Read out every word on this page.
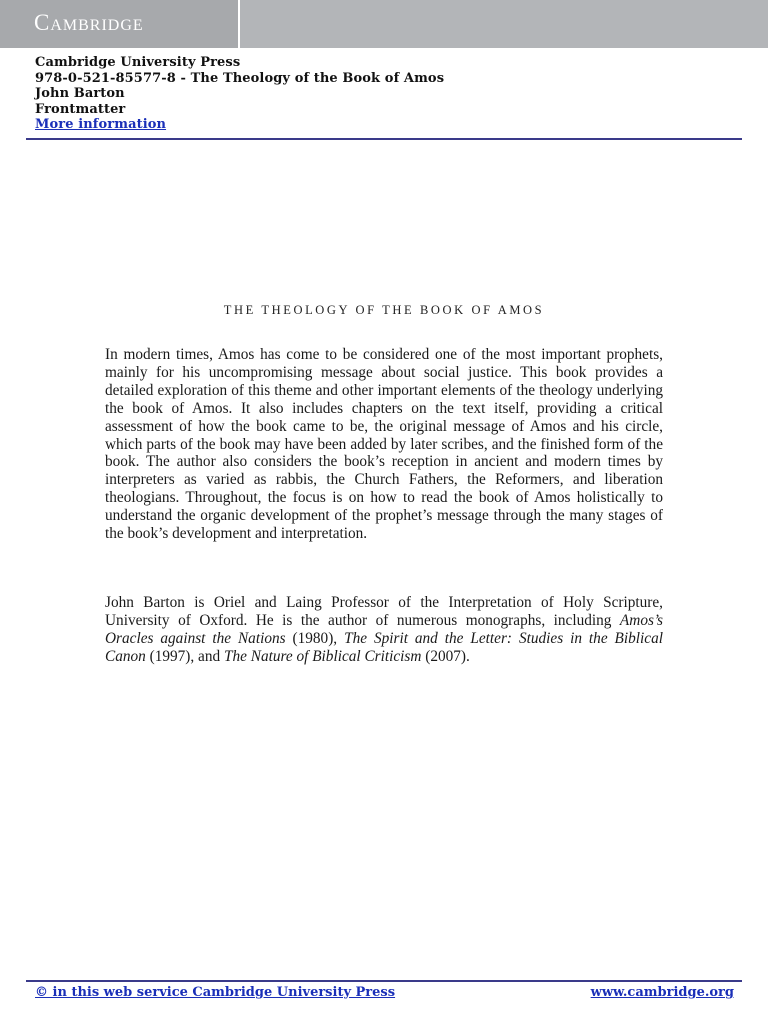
Cambridge
Cambridge University Press
978-0-521-85577-8 - The Theology of the Book of Amos
John Barton
Frontmatter
More information
THE THEOLOGY OF THE BOOK OF AMOS
In modern times, Amos has come to be considered one of the most important prophets, mainly for his uncompromising message about social justice. This book provides a detailed exploration of this theme and other important elements of the theology underlying the book of Amos. It also includes chapters on the text itself, providing a critical assessment of how the book came to be, the original message of Amos and his circle, which parts of the book may have been added by later scribes, and the finished form of the book. The author also considers the book’s reception in ancient and modern times by interpreters as varied as rabbis, the Church Fathers, the Reformers, and liberation theologians. Throughout, the focus is on how to read the book of Amos holistically to understand the organic development of the prophet’s message through the many stages of the book’s development and interpretation.
John Barton is Oriel and Laing Professor of the Interpretation of Holy Scripture, University of Oxford. He is the author of numerous monographs, including Amos’s Oracles against the Nations (1980), The Spirit and the Letter: Studies in the Biblical Canon (1997), and The Nature of Biblical Criticism (2007).
© in this web service Cambridge University Press	www.cambridge.org
